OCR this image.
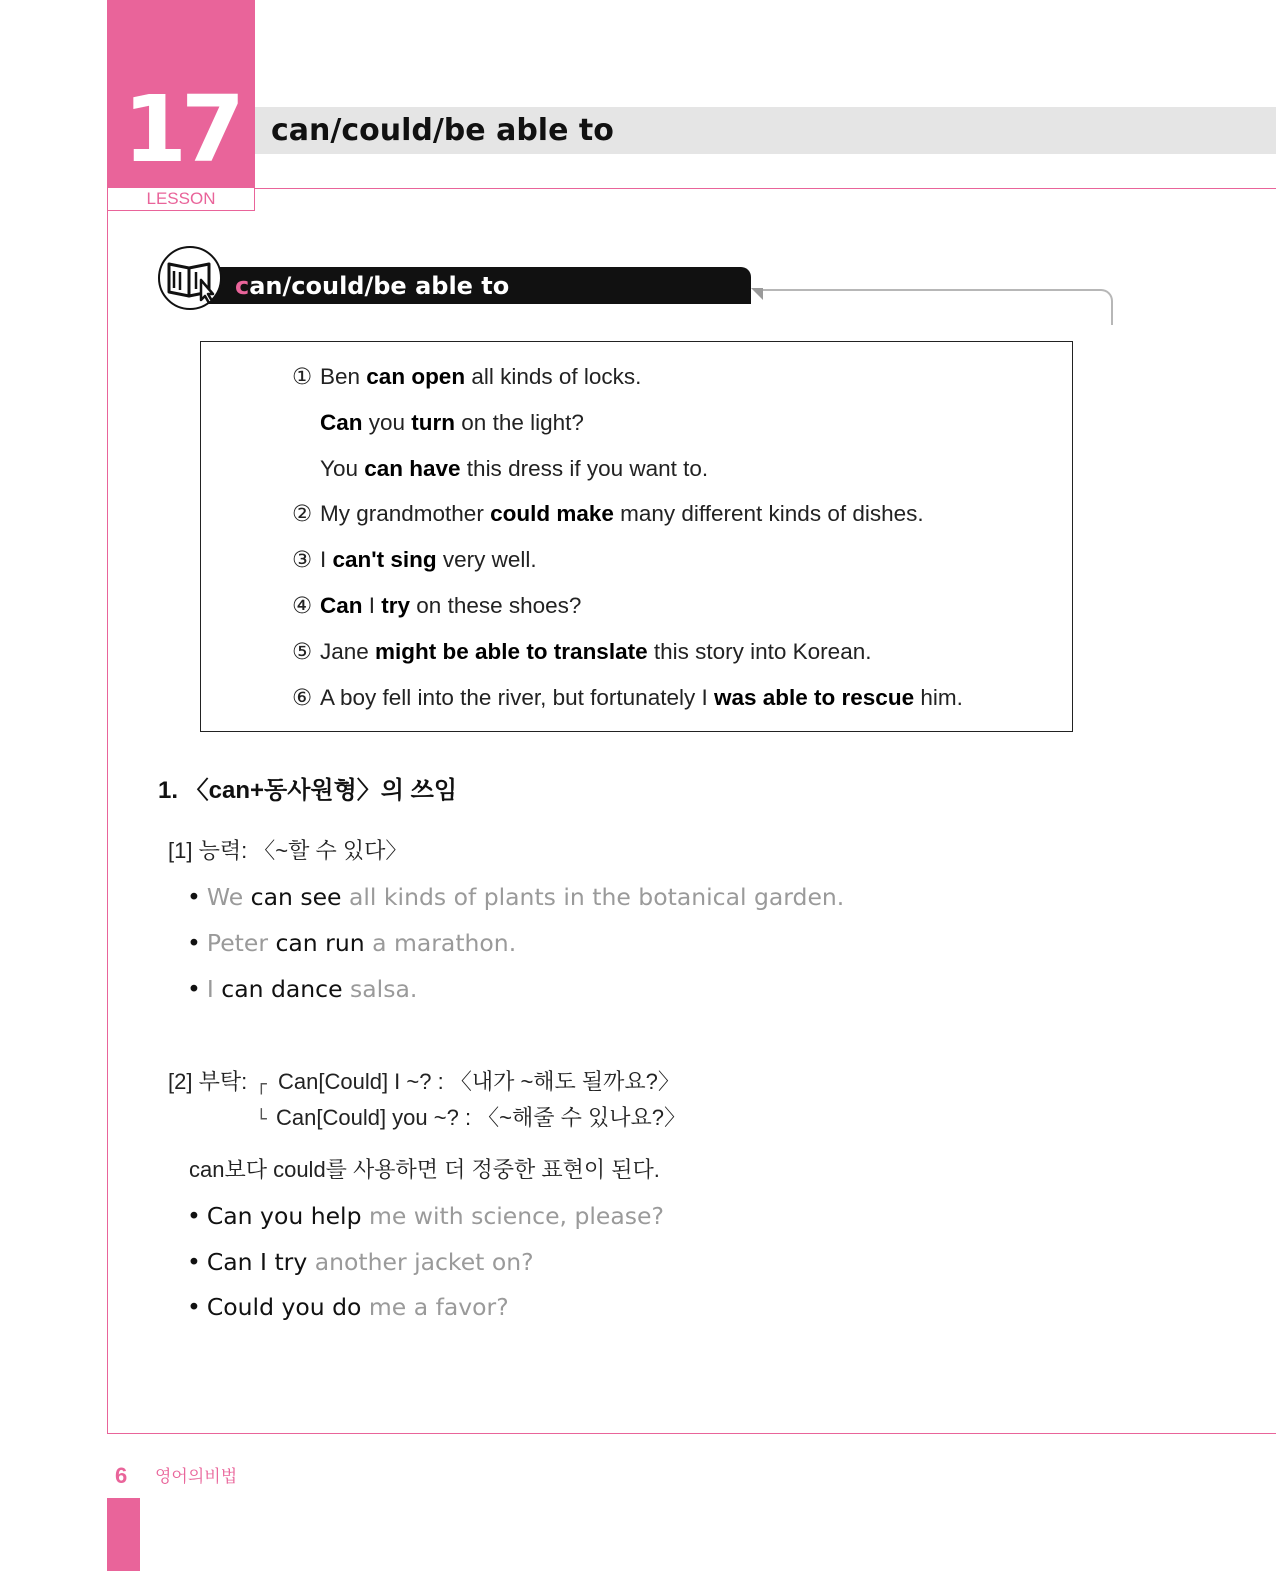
17
LESSON
can/could/be able to
can/could/be able to
① Ben can open all kinds of locks.
Can you turn on the light?
You can have this dress if you want to.
② My grandmother could make many different kinds of dishes.
③ I can't sing very well.
④ Can I try on these shoes?
⑤ Jane might be able to translate this story into Korean.
⑥ A boy fell into the river, but fortunately I was able to rescue him.
1. 〈can+동사원형〉의 쓰임
[1] 능력: 〈~할 수 있다〉
• We can see all kinds of plants in the botanical garden.
• Peter can run a marathon.
• I can dance salsa.
[2] 부탁: ┌ Can[Could] I ~? : 〈내가 ~해도 될까요?〉
└ Can[Could] you ~? : 〈~해줄 수 있나요?〉
can보다 could를 사용하면 더 정중한 표현이 된다.
• Can you help me with science, please?
• Can I try another jacket on?
• Could you do me a favor?
6 영어의비법
